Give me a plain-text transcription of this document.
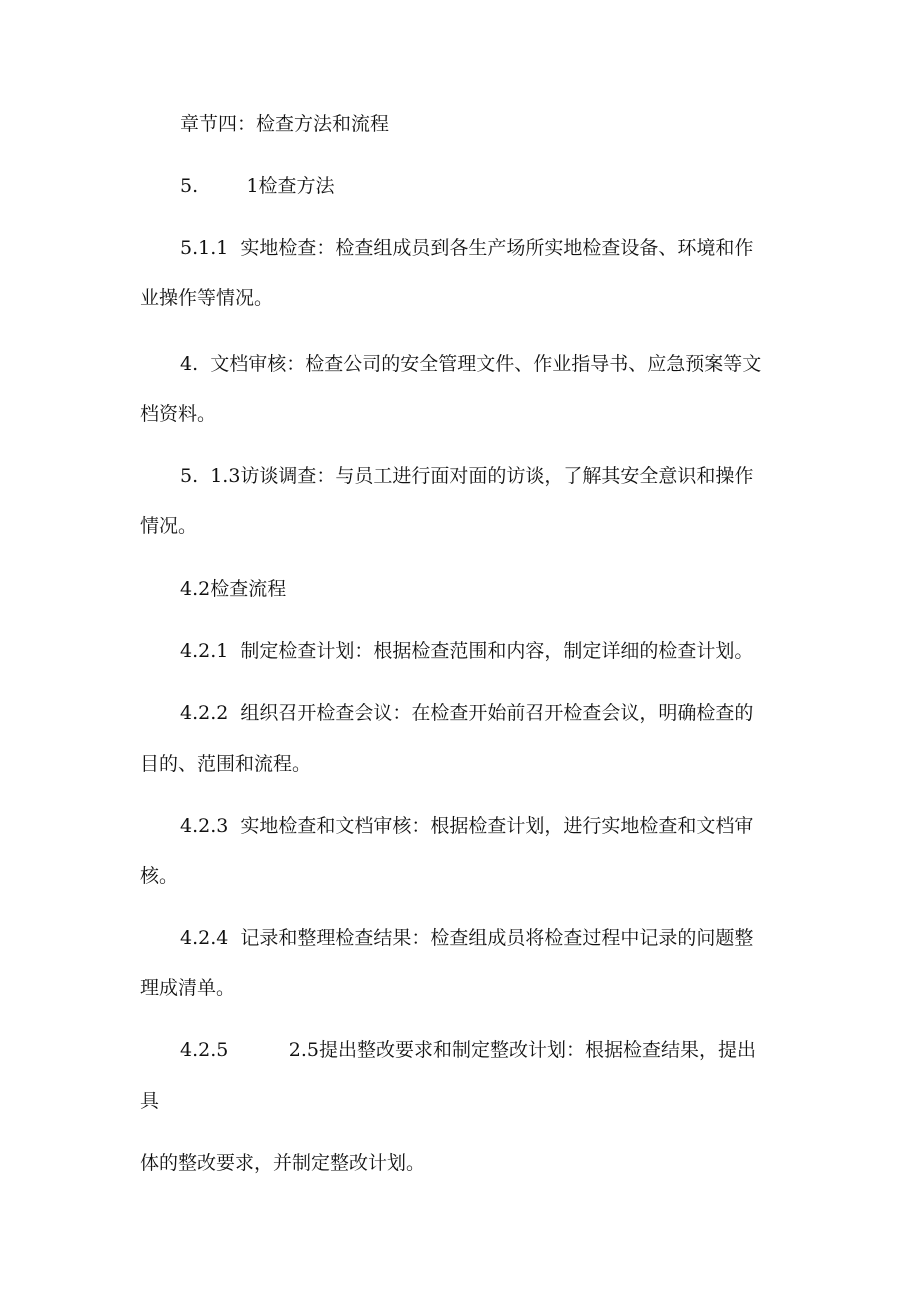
章节四：检查方法和流程
5.        1检查方法
5.1.1  实地检查：检查组成员到各生产场所实地检查设备、环境和作
业操作等情况。
4.  文档审核：检查公司的安全管理文件、作业指导书、应急预案等文
档资料。
5.  1.3访谈调查：与员工进行面对面的访谈，了解其安全意识和操作
情况。
4.2检查流程
4.2.1  制定检查计划：根据检查范围和内容，制定详细的检查计划。
4.2.2  组织召开检查会议：在检查开始前召开检查会议，明确检查的
目的、范围和流程。
4.2.3  实地检查和文档审核：根据检查计划，进行实地检查和文档审
核。
4.2.4  记录和整理检查结果：检查组成员将检查过程中记录的问题整
理成清单。
4.2.5          2.5提出整改要求和制定整改计划：根据检查结果，提出
具
体的整改要求，并制定整改计划。
